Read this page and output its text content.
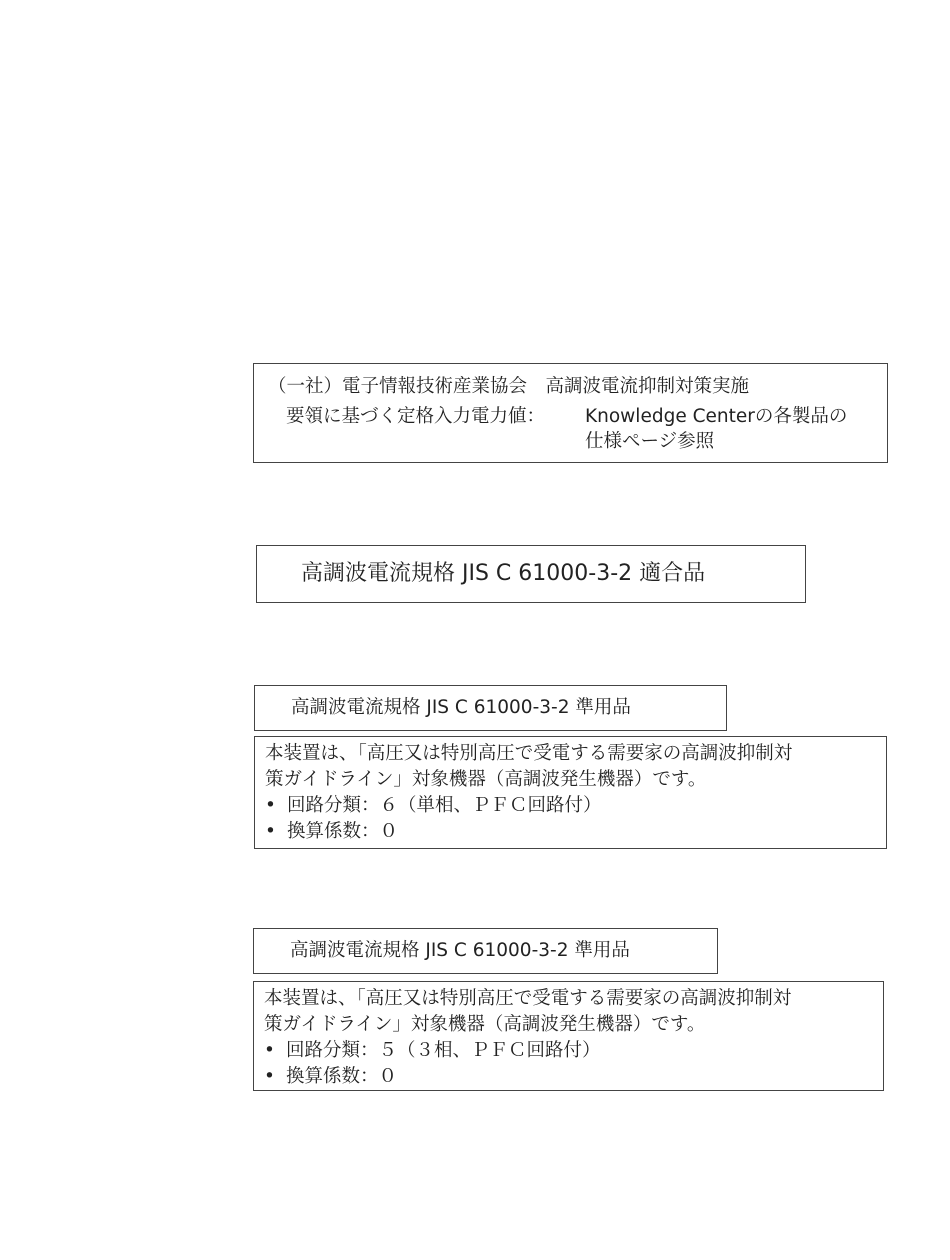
（一社）電子情報技術産業協会　高調波電流抑制対策実施
要領に基づく定格入力電力値： Knowledge Centerの各製品の
仕様ページ参照
高調波電流規格 JIS C 61000-3-2 適合品
高調波電流規格 JIS C 61000-3-2 準用品
本装置は、「高圧又は特別高圧で受電する需要家の高調波抑制対
策ガイドライン」対象機器（高調波発生機器）です。
• 回路分類：６（単相、ＰＦＣ回路付）
• 換算係数：０
高調波電流規格 JIS C 61000-3-2 準用品
本装置は、「高圧又は特別高圧で受電する需要家の高調波抑制対
策ガイドライン」対象機器（高調波発生機器）です。
• 回路分類：５（３相、ＰＦＣ回路付）
• 換算係数：０
